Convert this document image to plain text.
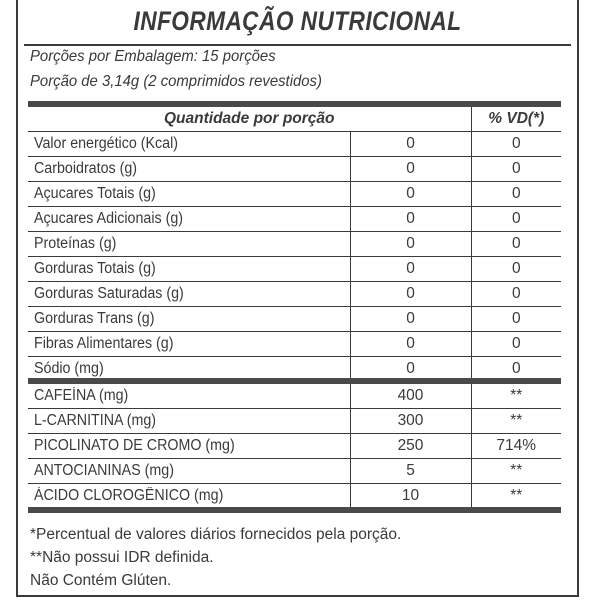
INFORMAÇÃO NUTRICIONAL
Porções por Embalagem: 15 porções
Porção de 3,14g (2 comprimidos revestidos)
Quantidade por porção		% VD(*)
Valor energético (Kcal)	0	0
Carboidratos (g)	0	0
Açucares Totais (g)	0	0
Açucares Adicionais (g)	0	0
Proteínas (g)	0	0
Gorduras Totais (g)	0	0
Gorduras Saturadas (g)	0	0
Gorduras Trans (g)	0	0
Fibras Alimentares (g)	0	0
Sódio (mg)	0	0
CAFEÍNA (mg)	400	**
L-CARNITINA (mg)	300	**
PICOLINATO DE CROMO (mg)	250	714%
ANTOCIANINAS (mg)	5	**
ÁCIDO CLOROGÊNICO (mg)	10	**
*Percentual de valores diários fornecidos pela porção.
**Não possui IDR definida.
Não Contém Glúten.
